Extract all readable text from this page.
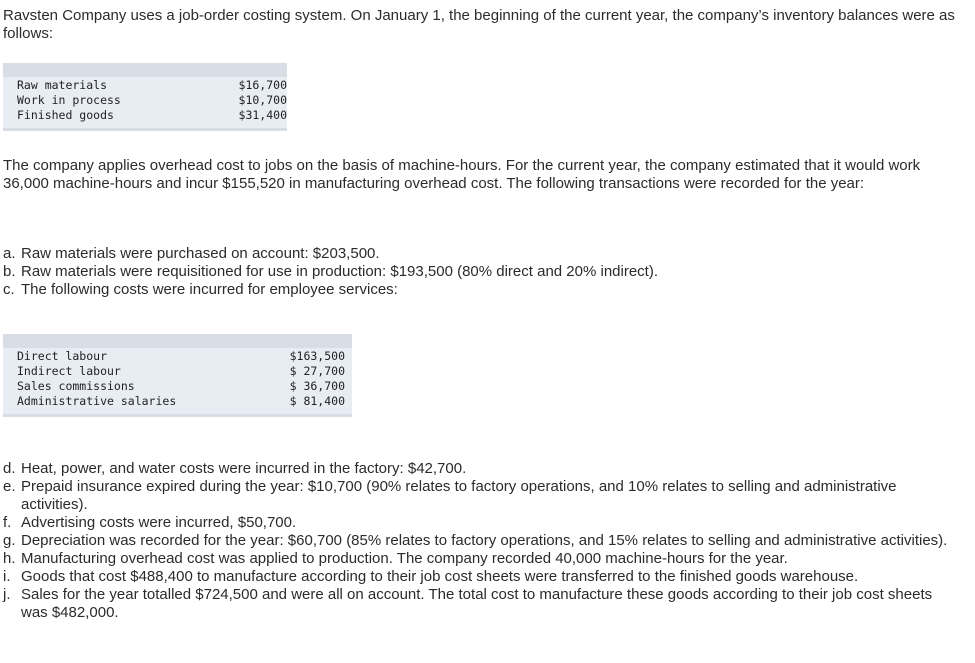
Ravsten Company uses a job-order costing system. On January 1, the beginning of the current year, the company’s inventory balances were as follows:

Raw materials	$16,700
Work in process	$10,700
Finished goods	$31,400

The company applies overhead cost to jobs on the basis of machine-hours. For the current year, the company estimated that it would work 36,000 machine-hours and incur $155,520 in manufacturing overhead cost. The following transactions were recorded for the year:

a. Raw materials were purchased on account: $203,500.
b. Raw materials were requisitioned for use in production: $193,500 (80% direct and 20% indirect).
c. The following costs were incurred for employee services:
Direct labour	$163,500
Indirect labour	$ 27,700
Sales commissions	$ 36,700
Administrative salaries	$ 81,400
d. Heat, power, and water costs were incurred in the factory: $42,700.
e. Prepaid insurance expired during the year: $10,700 (90% relates to factory operations, and 10% relates to selling and administrative activities).
f. Advertising costs were incurred, $50,700.
g. Depreciation was recorded for the year: $60,700 (85% relates to factory operations, and 15% relates to selling and administrative activities).
h. Manufacturing overhead cost was applied to production. The company recorded 40,000 machine-hours for the year.
i. Goods that cost $488,400 to manufacture according to their job cost sheets were transferred to the finished goods warehouse.
j. Sales for the year totalled $724,500 and were all on account. The total cost to manufacture these goods according to their job cost sheets was $482,000.
